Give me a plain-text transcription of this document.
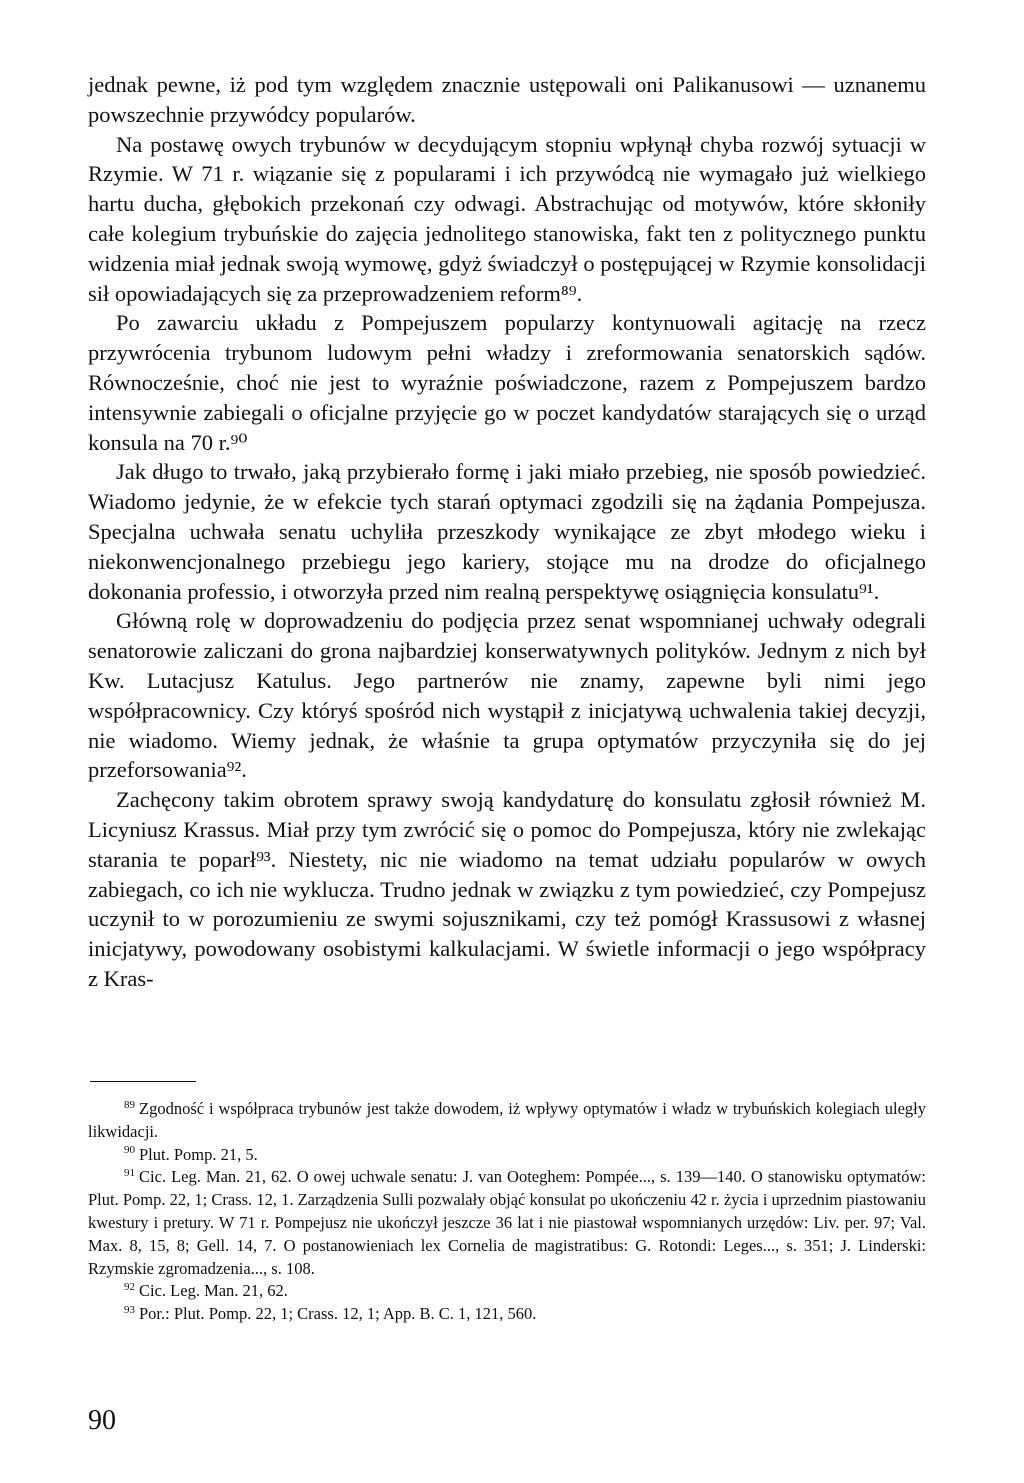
jednak pewne, iż pod tym względem znacznie ustępowali oni Palikanusowi — uznanemu powszechnie przywódcy popularów.

Na postawę owych trybunów w decydującym stopniu wpłynął chyba rozwój sytuacji w Rzymie. W 71 r. wiązanie się z popularami i ich przywódcą nie wymagało już wielkiego hartu ducha, głębokich przekonań czy odwagi. Abstrachując od motywów, które skłoniły całe kolegium trybuńskie do zajęcia jednolitego stanowiska, fakt ten z politycznego punktu widzenia miał jednak swoją wymowę, gdyż świadczył o postępującej w Rzymie konsolidacji sił opowiadających się za przeprowadzeniem reform⁸⁹.

Po zawarciu układu z Pompejuszem popularzy kontynuowali agitację na rzecz przywrócenia trybunom ludowym pełni władzy i zreformowania senatorskich sądów. Równocześnie, choć nie jest to wyraźnie poświadczone, razem z Pompejuszem bardzo intensywnie zabiegali o oficjalne przyjęcie go w poczet kandydatów starających się o urząd konsula na 70 r.⁹⁰

Jak długo to trwało, jaką przybierało formę i jaki miało przebieg, nie sposób powiedzieć. Wiadomo jedynie, że w efekcie tych starań optymaci zgodzili się na żądania Pompejusza. Specjalna uchwała senatu uchyliła przeszkody wynikające ze zbyt młodego wieku i niekonwencjonalnego przebiegu jego kariery, stojące mu na drodze do oficjalnego dokonania professio, i otworzyła przed nim realną perspektywę osiągnięcia konsulatu⁹¹.

Główną rolę w doprowadzeniu do podjęcia przez senat wspomnianej uchwały odegrali senatorowie zaliczani do grona najbardziej konserwatywnych polityków. Jednym z nich był Kw. Lutacjusz Katulus. Jego partnerów nie znamy, zapewne byli nimi jego współpracownicy. Czy któryś spośród nich wystąpił z inicjatywą uchwalenia takiej decyzji, nie wiadomo. Wiemy jednak, że właśnie ta grupa optymatów przyczyniła się do jej przeforsowania⁹².

Zachęcony takim obrotem sprawy swoją kandydaturę do konsulatu zgłosił również M. Licyniusz Krassus. Miał przy tym zwrócić się o pomoc do Pompejusza, który nie zwlekając starania te poparł⁹³. Niestety, nic nie wiadomo na temat udziału popularów w owych zabiegach, co ich nie wyklucza. Trudno jednak w związku z tym powiedzieć, czy Pompejusz uczynił to w porozumieniu ze swymi sojusznikami, czy też pomógł Krassusowi z własnej inicjatywy, powodowany osobistymi kalkulacjami. W świetle informacji o jego współpracy z Kras-

$^{89}$ Zgodność i współpraca trybunów jest także dowodem, iż wpływy optymatów i władz w trybuńskich kolegiach uległy likwidacji.

$^{90}$ Plut. Pomp. 21, 5.

$^{91}$ Cic. Leg. Man. 21, 62. O owej uchwale senatu: J. van Ooteghem: Pompée..., s. 139—140. O stanowisku optymatów: Plut. Pomp. 22, 1; Crass. 12, 1. Zarządzenia Sulli pozwalały objąć konsulat po ukończeniu 42 r. życia i uprzednim piastowaniu kwestury i pretury. W 71 r. Pompejusz nie ukończył jeszcze 36 lat i nie piastował wspomnianych urzędów: Liv. per. 97; Val. Max. 8, 15, 8; Gell. 14, 7. O postanowieniach lex Cornelia de magistratibus: G. Rotondi: Leges..., s. 351; J. Linderski: Rzymskie zgromadzenia..., s. 108.

$^{92}$ Cic. Leg. Man. 21, 62.

$^{93}$ Por.: Plut. Pomp. 22, 1; Crass. 12, 1; App. B. C. 1, 121, 560.

90
